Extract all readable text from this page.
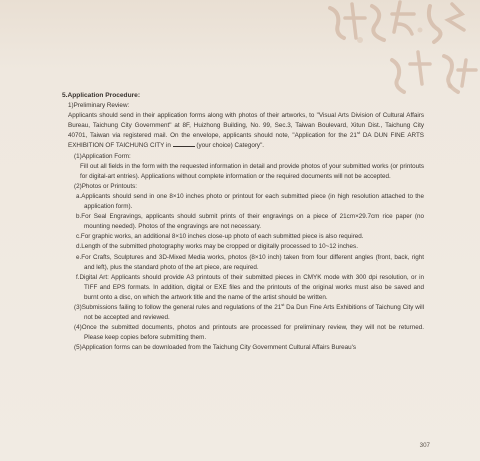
5.Application Procedure:

1)Preliminary Review:

Applicants should send in their application forms along with photos of their artworks, to "Visual Arts Division of Cultural Affairs Bureau, Taichung City Government" at 8F, Huizhong Building, No. 99, Sec.3, Taiwan Boulevard, Xitun Dist., Taichung City 40701, Taiwan via registered mail. On the envelope, applicants should note, "Application for the 21st DA DUN FINE ARTS EXHIBITION OF TAICHUNG CITY in	(your choice) Category".

(1)Application Form:

Fill out all fields in the form with the requested information in detail and provide photos of your submitted works (or printouts for digital-art entries). Applications without complete information or the required documents will not be accepted.

(2)Photos or Printouts:

a.Applicants should send in one 8×10 inches photo or printout for each submitted piece (in high resolution attached to the application form).

b.For Seal Engravings, applicants should submit prints of their engravings on a piece of 21cm×29.7cm rice paper (no mounting needed). Photos of the engravings are not necessary.

c.For graphic works, an additional 8×10 inches close-up photo of each submitted piece is also required.

d.Length of the submitted photography works may be cropped or digitally processed to 10~12 inches.

e.For Crafts, Sculptures and 3D-Mixed Media works, photos (8×10 inch) taken from four different angles (front, back, right and left), plus the standard photo of the art piece, are required.

f.Digital Art: Applicants should provide A3 printouts of their submitted pieces in CMYK mode with 300 dpi resolution, or in TIFF and EPS formats. In addition, digital or EXE files and the printouts of the original works must also be saved and burnt onto a disc, on which the artwork title and the name of the artist should be written.

(3)Submissions failing to follow the general rules and regulations of the 21st Da Dun Fine Arts Exhibitions of Taichung City will not be accepted and reviewed.

(4)Once the submitted documents, photos and printouts are processed for preliminary review, they will not be returned. Please keep copies before submitting them.

(5)Application forms can be downloaded from the Taichung City Government Cultural Affairs Bureau's

307
